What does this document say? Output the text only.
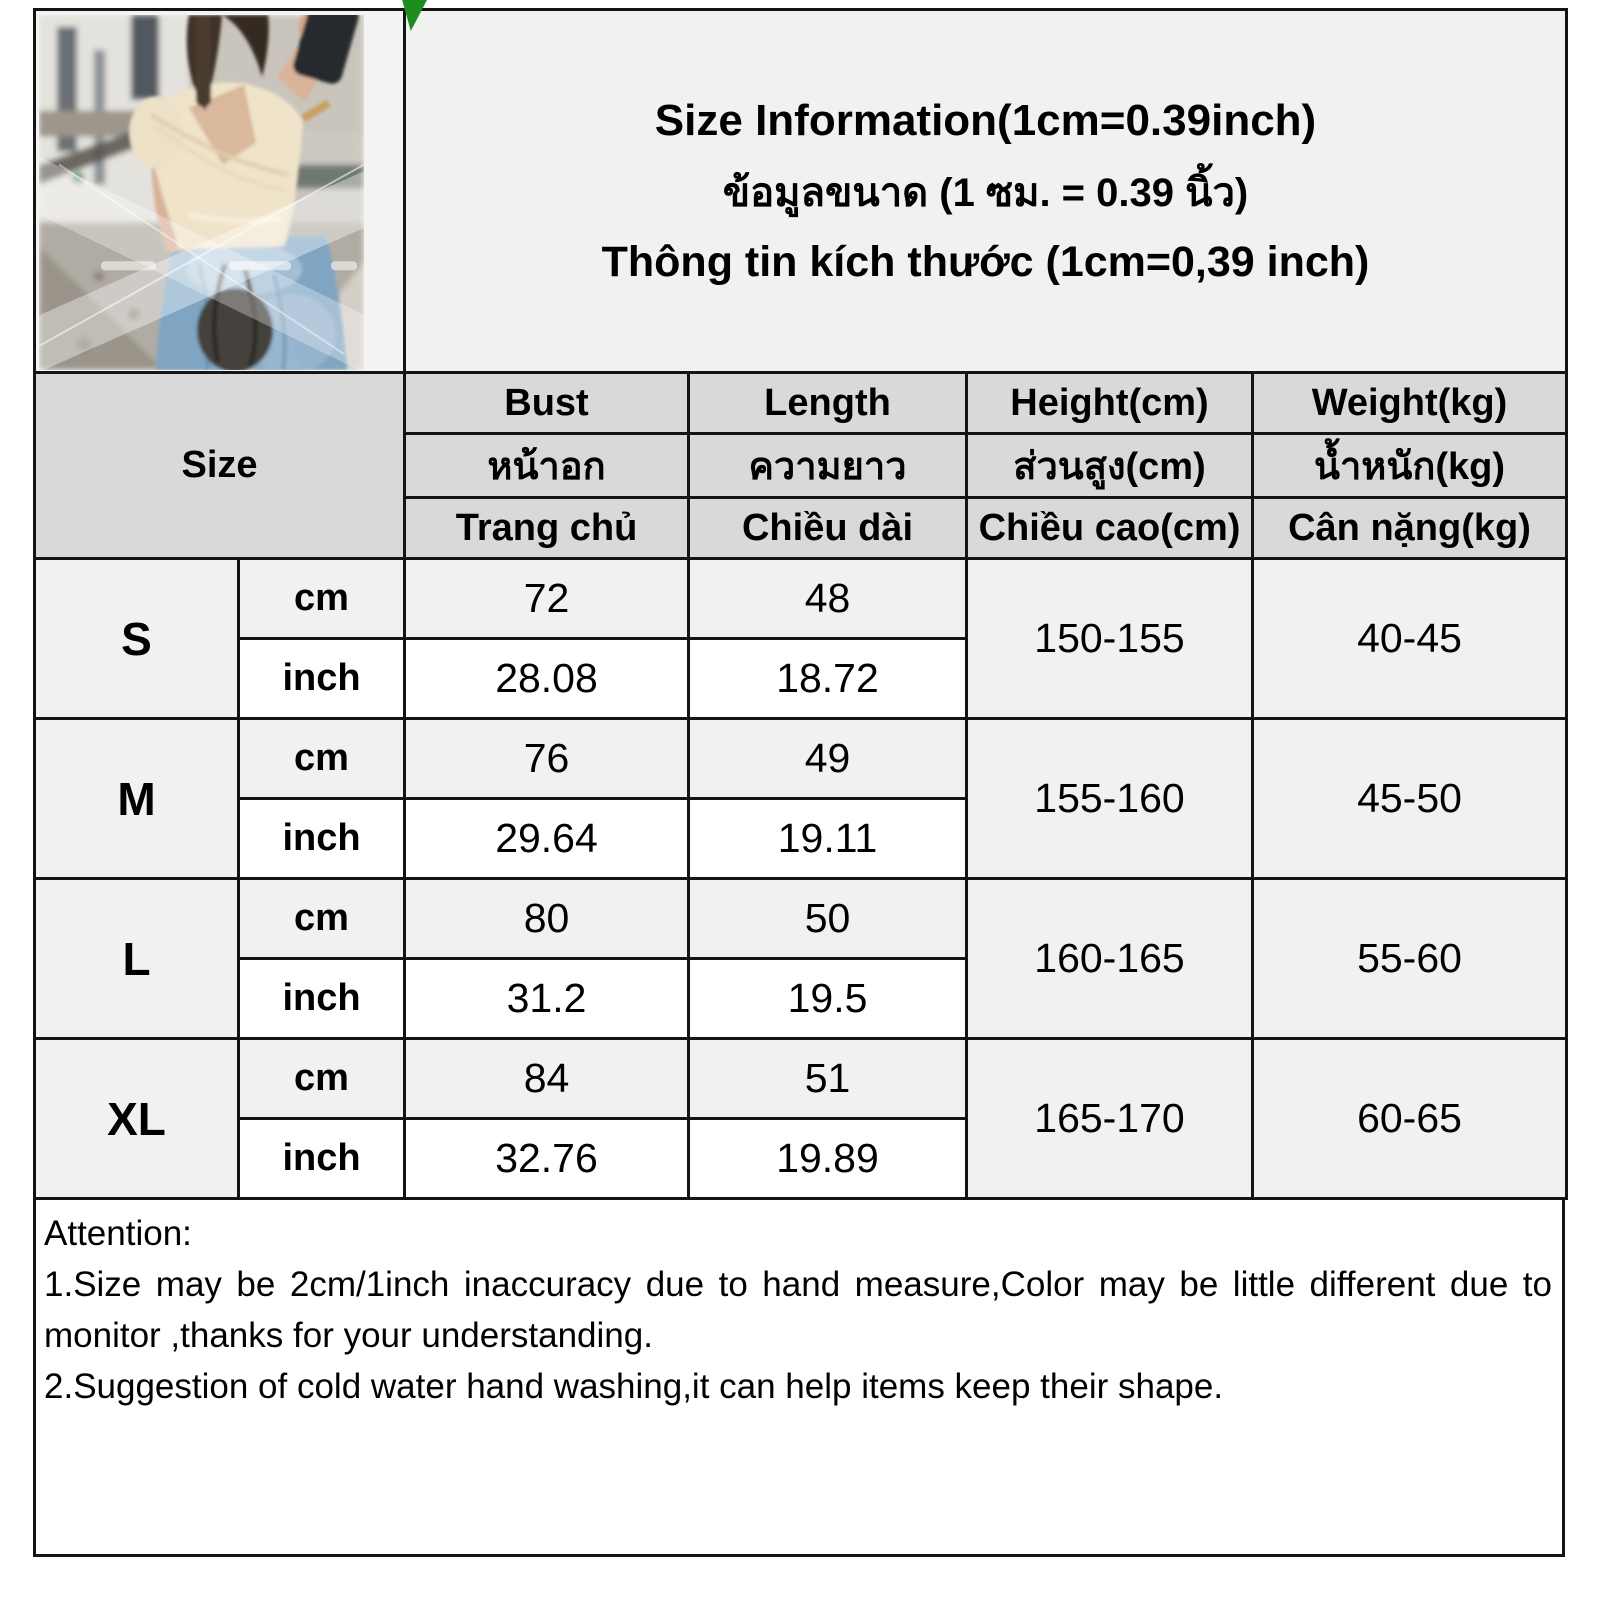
Size Information(1cm=0.39inch)
ข้อมูลขนาด (1 ซม. = 0.39 นิ้ว)
Thông tin kích thước (1cm=0,39 inch)			

Size		Bust	Length	Height(cm)	Weight(kg)
		หน้าอก	ความยาว	ส่วนสูง(cm)	น้ำหนัก(kg)
		Trang chủ	Chiều dài	Chiều cao(cm)	Cân nặng(kg)
S	cm	72	48	150-155	40-45
	inch	28.08	18.72		
M	cm	76	49	155-160	45-50
	inch	29.64	19.11		
L	cm	80	50	160-165	55-60
	inch	31.2	19.5		
XL	cm	84	51	165-170	60-65
	inch	32.76	19.89		

Attention:

1.Size may be 2cm/1inch inaccuracy due to hand measure,Color may be little different due to monitor ,thanks for your understanding.

2.Suggestion of cold water hand washing,it can help items keep their shape.
